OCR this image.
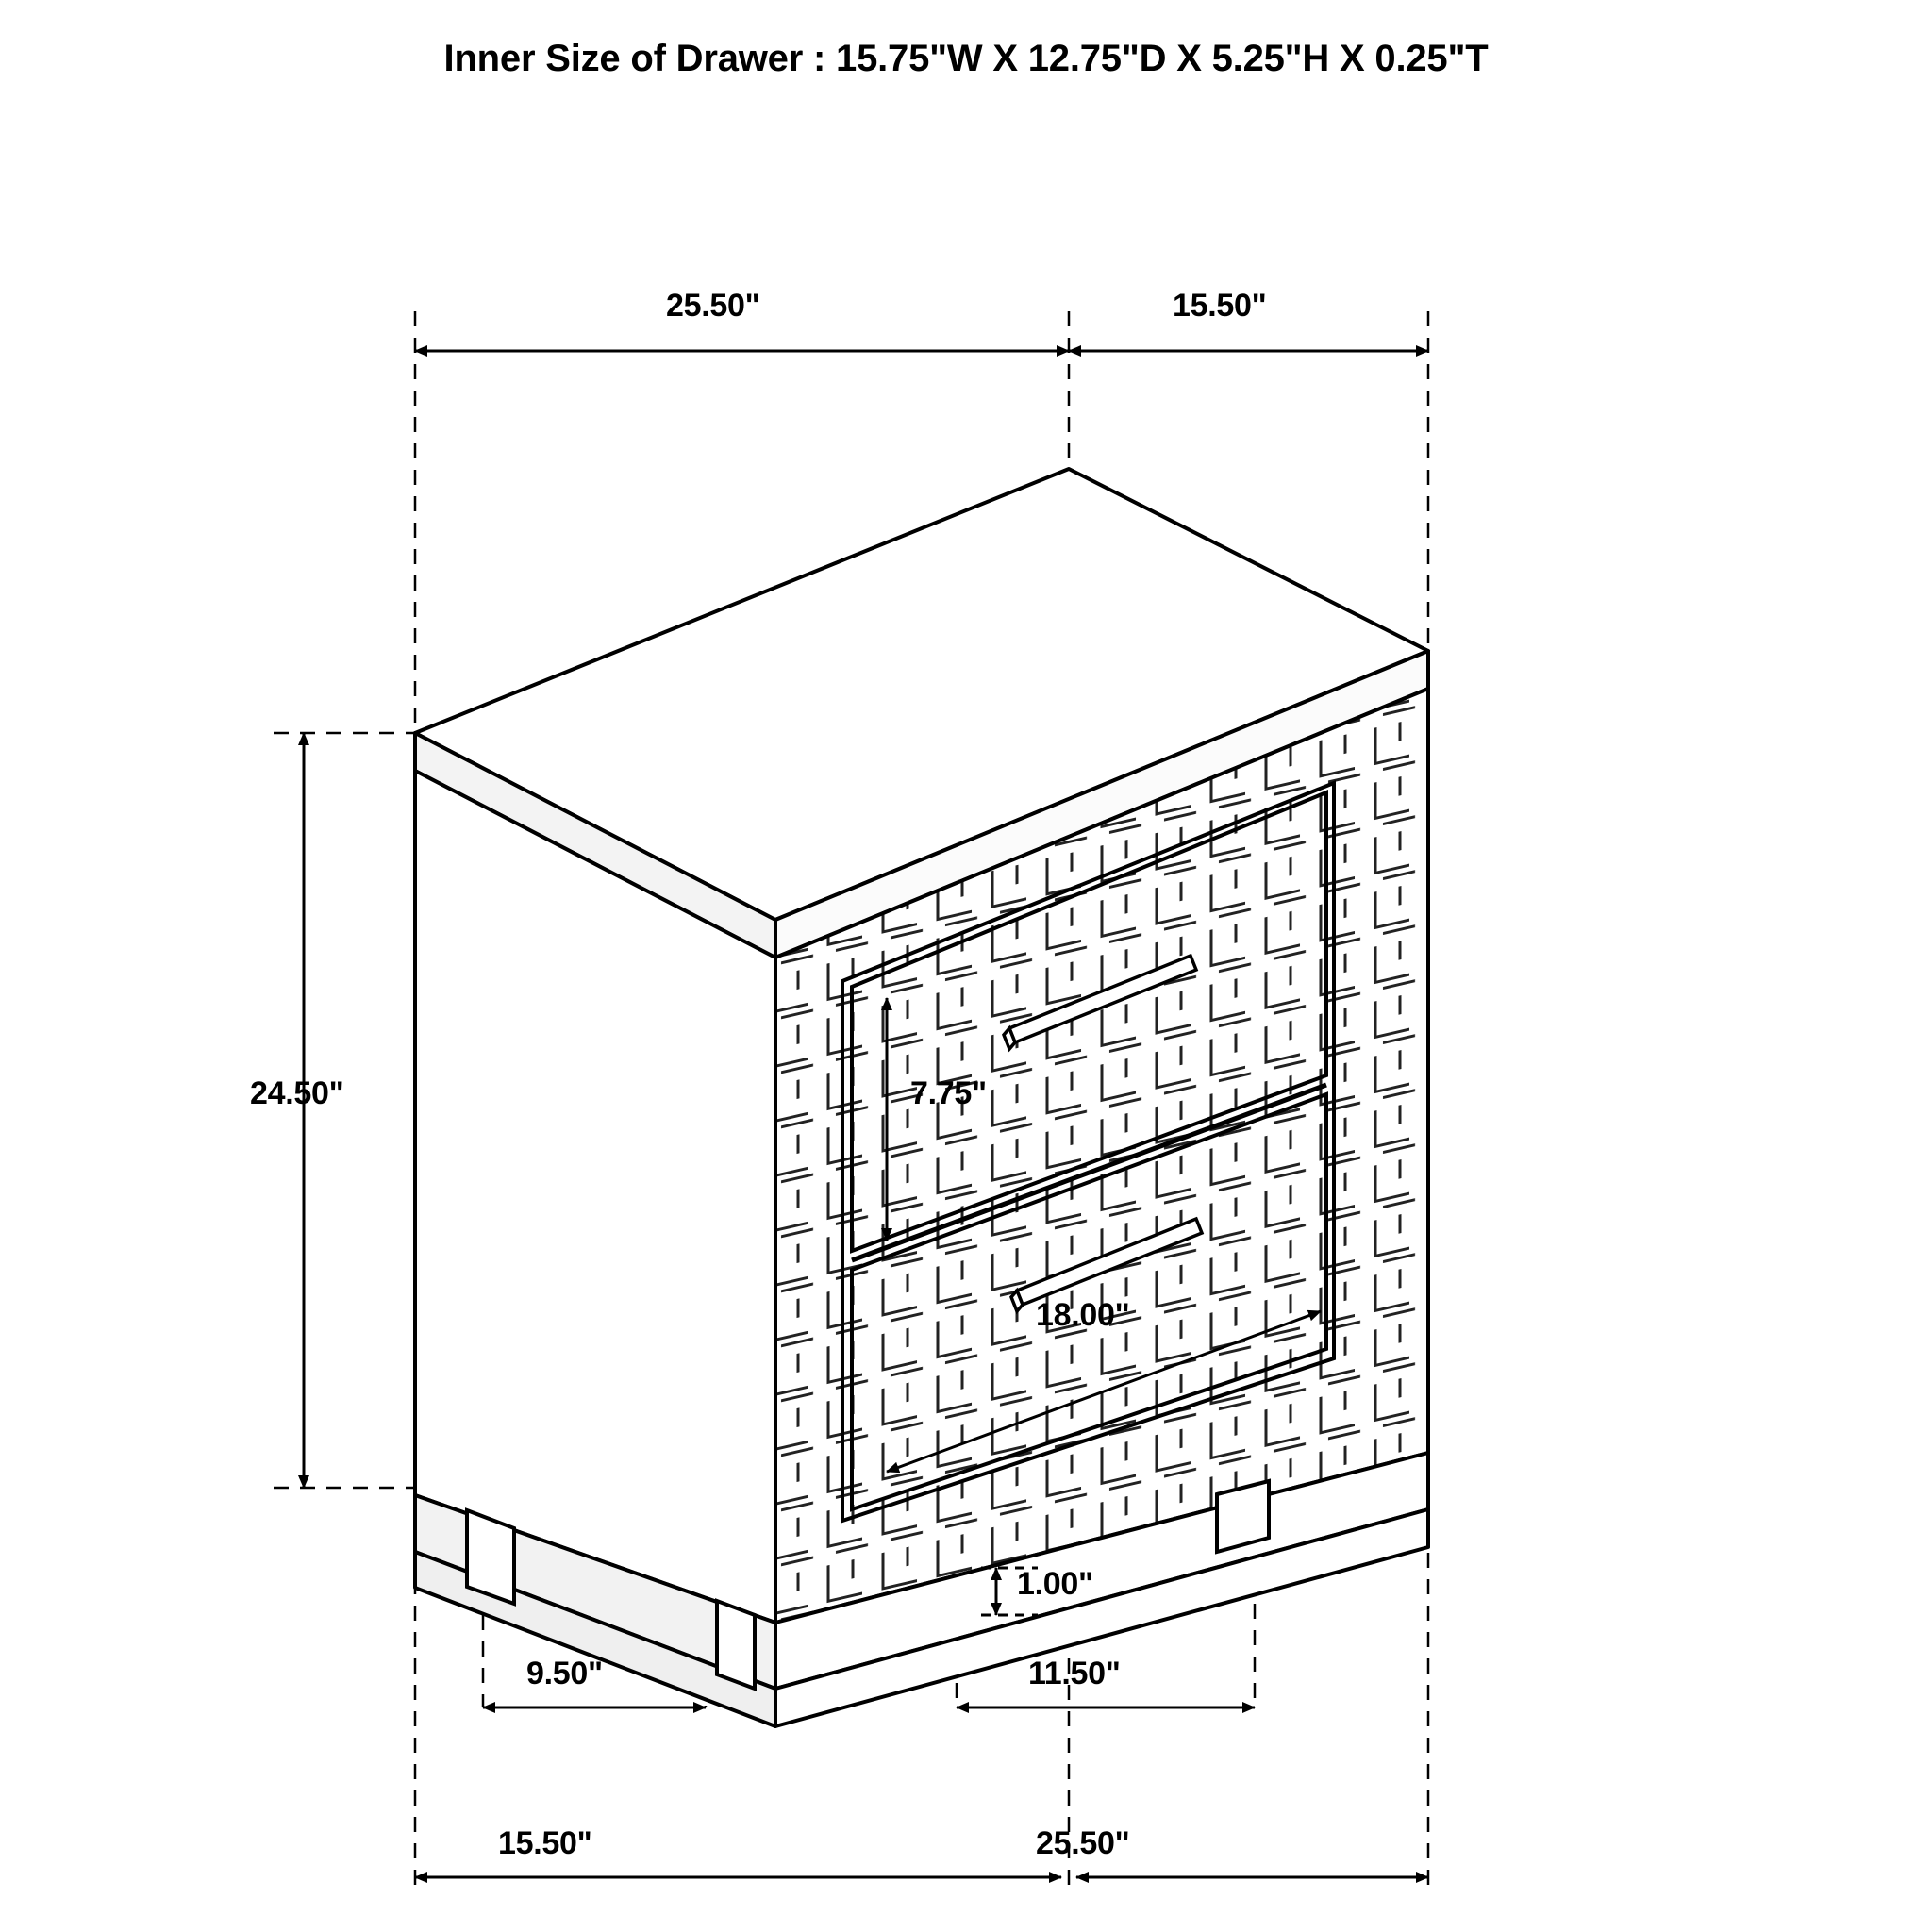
Inner Size of Drawer : 15.75"W X 12.75"D X 5.25"H X 0.25"T
25.50"	15.50"
24.50"	7.75"
18.00"
1.00"
9.50"	11.50"
15.50"	25.50"
